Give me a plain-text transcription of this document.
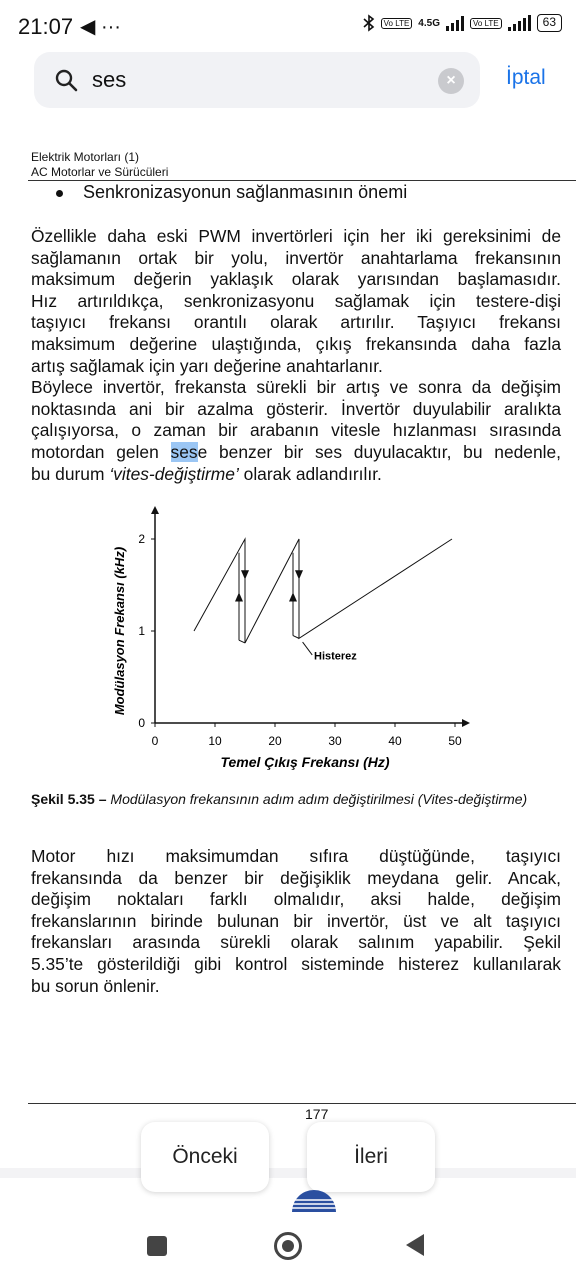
21:07 ◀ ···	Vo LTE 4.5G	Vo LTE	63
ses
×	İptal
Elektrik Motorları (1)
AC Motorlar ve Sürücüleri
Senkronizasyonun sağlanmasının önemi
Özellikle daha eski PWM invertörleri için her iki gereksinimi de
sağlamanın ortak bir yolu, invertör anahtarlama frekansının
maksimum değerin yaklaşık olarak yarısından başlamasıdır.
Hız artırıldıkça, senkronizasyonu sağlamak için testere-dişi
taşıyıcı frekansı orantılı olarak artırılır. Taşıyıcı frekansı
maksimum değerine ulaştığında, çıkış frekansında daha fazla
artış sağlamak için yarı değerine anahtarlanır.
Böylece invertör, frekansta sürekli bir artış ve sonra da değişim
noktasında ani bir azalma gösterir. İnvertör duyulabilir aralıkta
çalışıyorsa, o zaman bir arabanın vitesle hızlanması sırasında
motordan gelen sese benzer bir ses duyulacaktır, bu nedenle,
bu durum ‘vites-değiştirme’ olarak adlandırılır.
0	10	20	30	40	50
0
1
2
Temel Çıkış Frekansı (Hz)
Modülasyon Frekansı (kHz)	Histerez
Şekil 5.35 – Modülasyon frekansının adım adım değiştirilmesi (Vites-değiştirme)
Motor hızı maksimumdan sıfıra düştüğünde, taşıyıcı
frekansında da benzer bir değişiklik meydana gelir. Ancak,
değişim noktaları farklı olmalıdır, aksi halde, değişim
frekanslarının birinde bulunan bir invertör, üst ve alt taşıyıcı
frekansları arasında sürekli olarak salınım yapabilir. Şekil
5.35’te gösterildiği gibi kontrol sisteminde histerez kullanılarak
bu sorun önlenir.
177
Önceki	İleri
